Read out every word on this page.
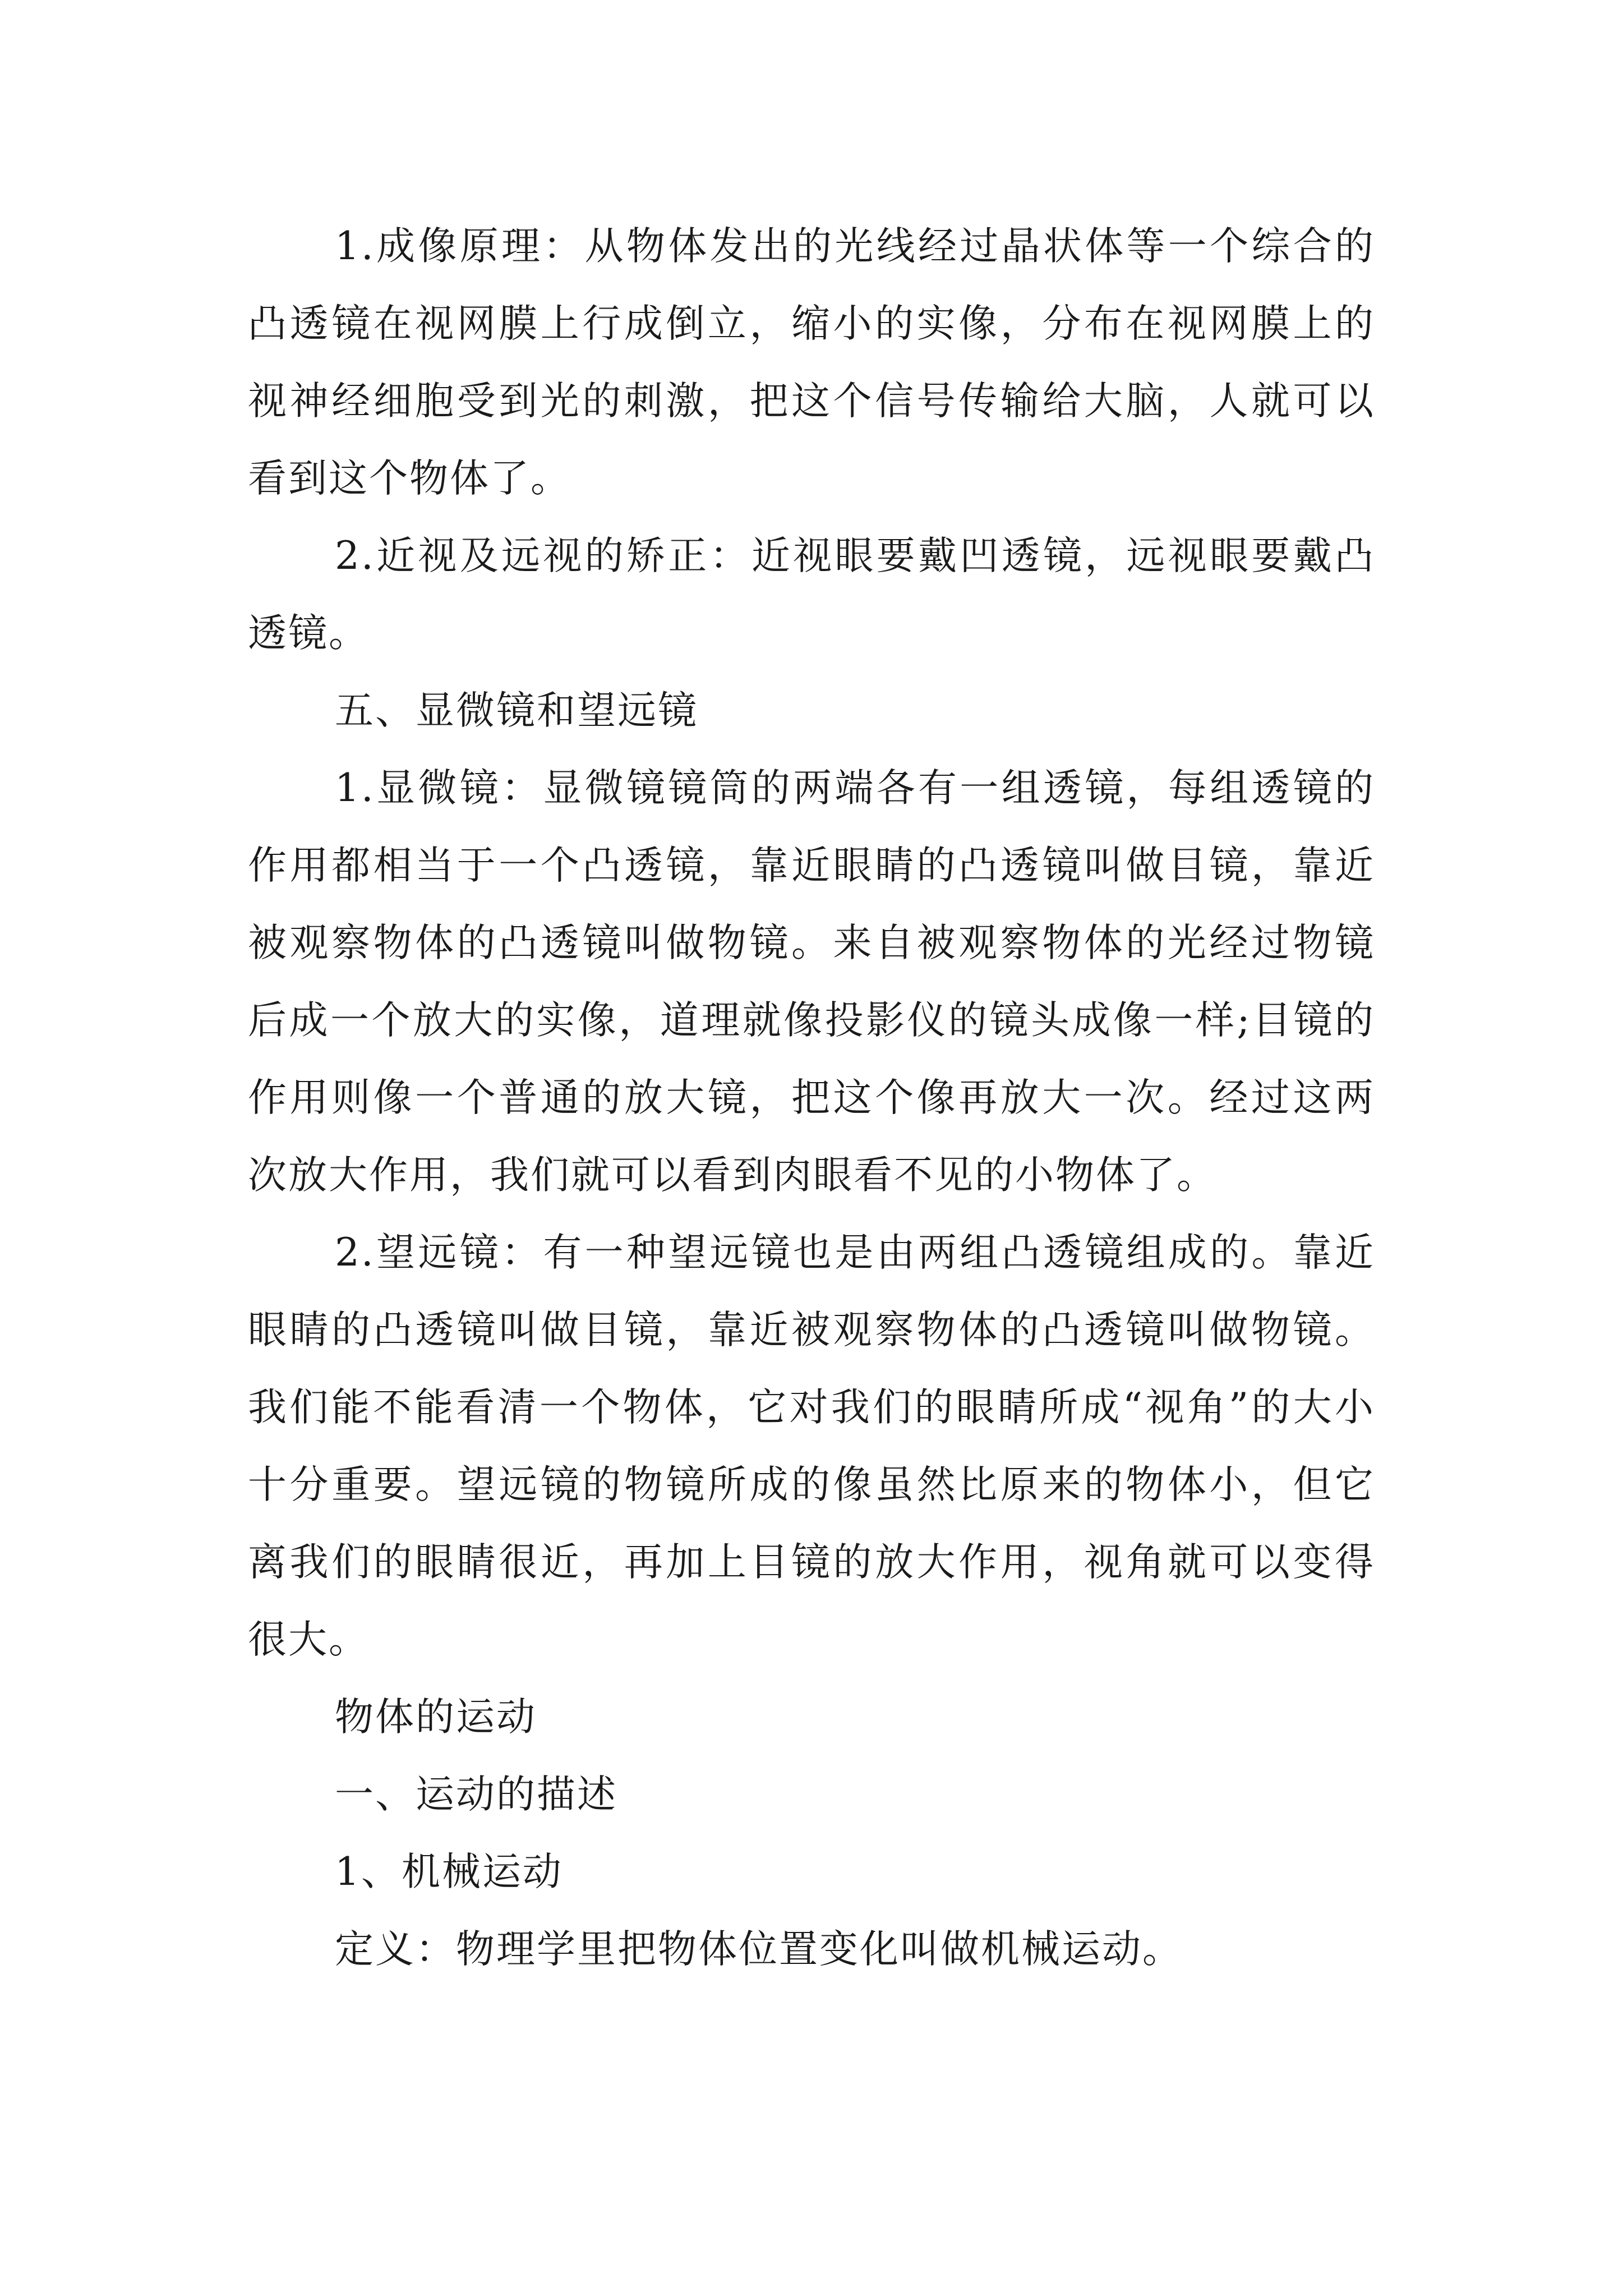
1.成像原理：从物体发出的光线经过晶状体等一个综合的凸透镜在视网膜上行成倒立，缩小的实像，分布在视网膜上的视神经细胞受到光的刺激，把这个信号传输给大脑，人就可以看到这个物体了。

2.近视及远视的矫正：近视眼要戴凹透镜，远视眼要戴凸透镜。

五、显微镜和望远镜

1.显微镜：显微镜镜筒的两端各有一组透镜，每组透镜的作用都相当于一个凸透镜，靠近眼睛的凸透镜叫做目镜，靠近被观察物体的凸透镜叫做物镜。来自被观察物体的光经过物镜后成一个放大的实像，道理就像投影仪的镜头成像一样;目镜的作用则像一个普通的放大镜，把这个像再放大一次。经过这两次放大作用，我们就可以看到肉眼看不见的小物体了。

2.望远镜：有一种望远镜也是由两组凸透镜组成的。靠近眼睛的凸透镜叫做目镜，靠近被观察物体的凸透镜叫做物镜。我们能不能看清一个物体，它对我们的眼睛所成“视角”的大小十分重要。望远镜的物镜所成的像虽然比原来的物体小，但它离我们的眼睛很近，再加上目镜的放大作用，视角就可以变得很大。

物体的运动

一、运动的描述

1、机械运动

定义：物理学里把物体位置变化叫做机械运动。
